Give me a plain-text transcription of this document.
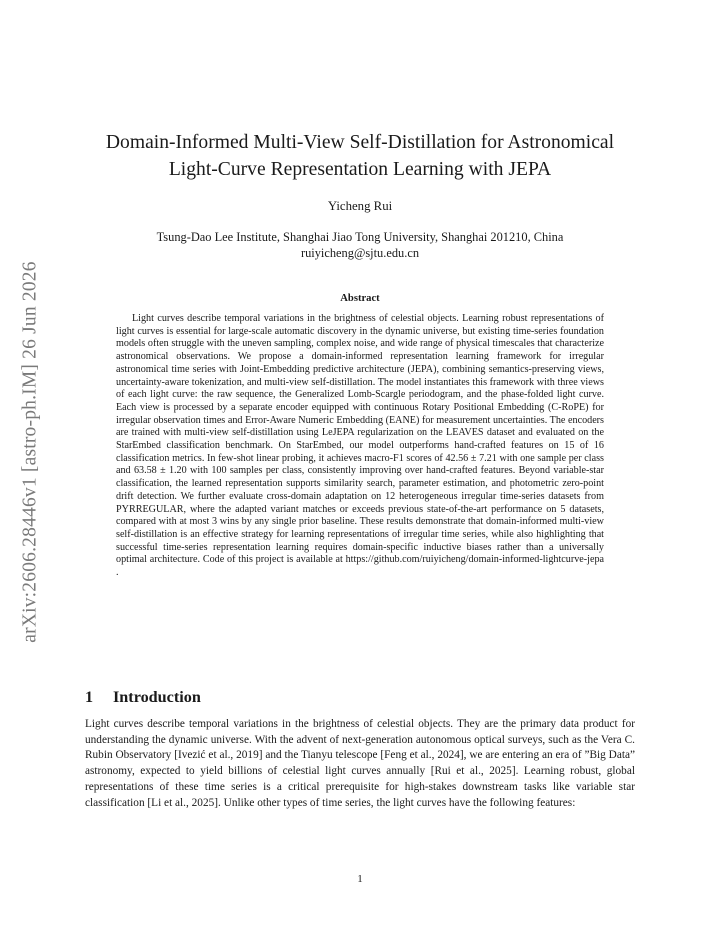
arXiv:2606.28446v1 [astro-ph.IM] 26 Jun 2026
Domain-Informed Multi-View Self-Distillation for Astronomical
Light-Curve Representation Learning with JEPA
Yicheng Rui
Tsung-Dao Lee Institute, Shanghai Jiao Tong University, Shanghai 201210, China
ruiyicheng@sjtu.edu.cn
Abstract

Light curves describe temporal variations in the brightness of celestial objects. Learning robust representations of light curves is essential for large-scale automatic discovery in the dynamic universe, but existing time-series foundation models often struggle with the uneven sampling, complex noise, and wide range of physical timescales that characterize astronomical observations. We propose a domain-informed representation learning framework for irregular astronomical time series with Joint-Embedding predictive architecture (JEPA), combining semantics-preserving views, uncertainty-aware tokenization, and multi-view self-distillation. The model instantiates this framework with three views of each light curve: the raw sequence, the Generalized Lomb-Scargle periodogram, and the phase-folded light curve. Each view is processed by a separate encoder equipped with continuous Rotary Positional Embedding (C-RoPE) for irregular observation times and Error-Aware Numeric Embedding (EANE) for measurement uncertainties. The encoders are trained with multi-view self-distillation using LeJEPA regularization on the LEAVES dataset and evaluated on the StarEmbed classification benchmark. On StarEmbed, our model outperforms hand-crafted features on 15 of 16 classification metrics. In few-shot linear probing, it achieves macro-F1 scores of 42.56 ± 7.21 with one sample per class and 63.58 ± 1.20 with 100 samples per class, consistently improving over hand-crafted features. Beyond variable-star classification, the learned representation supports similarity search, parameter estimation, and photometric zero-point drift detection. We further evaluate cross-domain adaptation on 12 heterogeneous irregular time-series datasets from PYRREGULAR, where the adapted variant matches or exceeds previous state-of-the-art performance on 5 datasets, compared with at most 3 wins by any single prior baseline. These results demonstrate that domain-informed multi-view self-distillation is an effective strategy for learning representations of irregular time series, while also highlighting that successful time-series representation learning requires domain-specific inductive biases rather than a universally optimal architecture. Code of this project is available at https://github.com/ruiyicheng/domain-informed-lightcurve-jepa .

1 Introduction

Light curves describe temporal variations in the brightness of celestial objects. They are the primary data product for understanding the dynamic universe. With the advent of next-generation autonomous optical surveys, such as the Vera C. Rubin Observatory [Ivezić et al., 2019] and the Tianyu telescope [Feng et al., 2024], we are entering an era of ”Big Data” astronomy, expected to yield billions of celestial light curves annually [Rui et al., 2025]. Learning robust, global representations of these time series is a critical prerequisite for high-stakes downstream tasks like variable star classification [Li et al., 2025]. Unlike other types of time series, the light curves have the following features:

1
